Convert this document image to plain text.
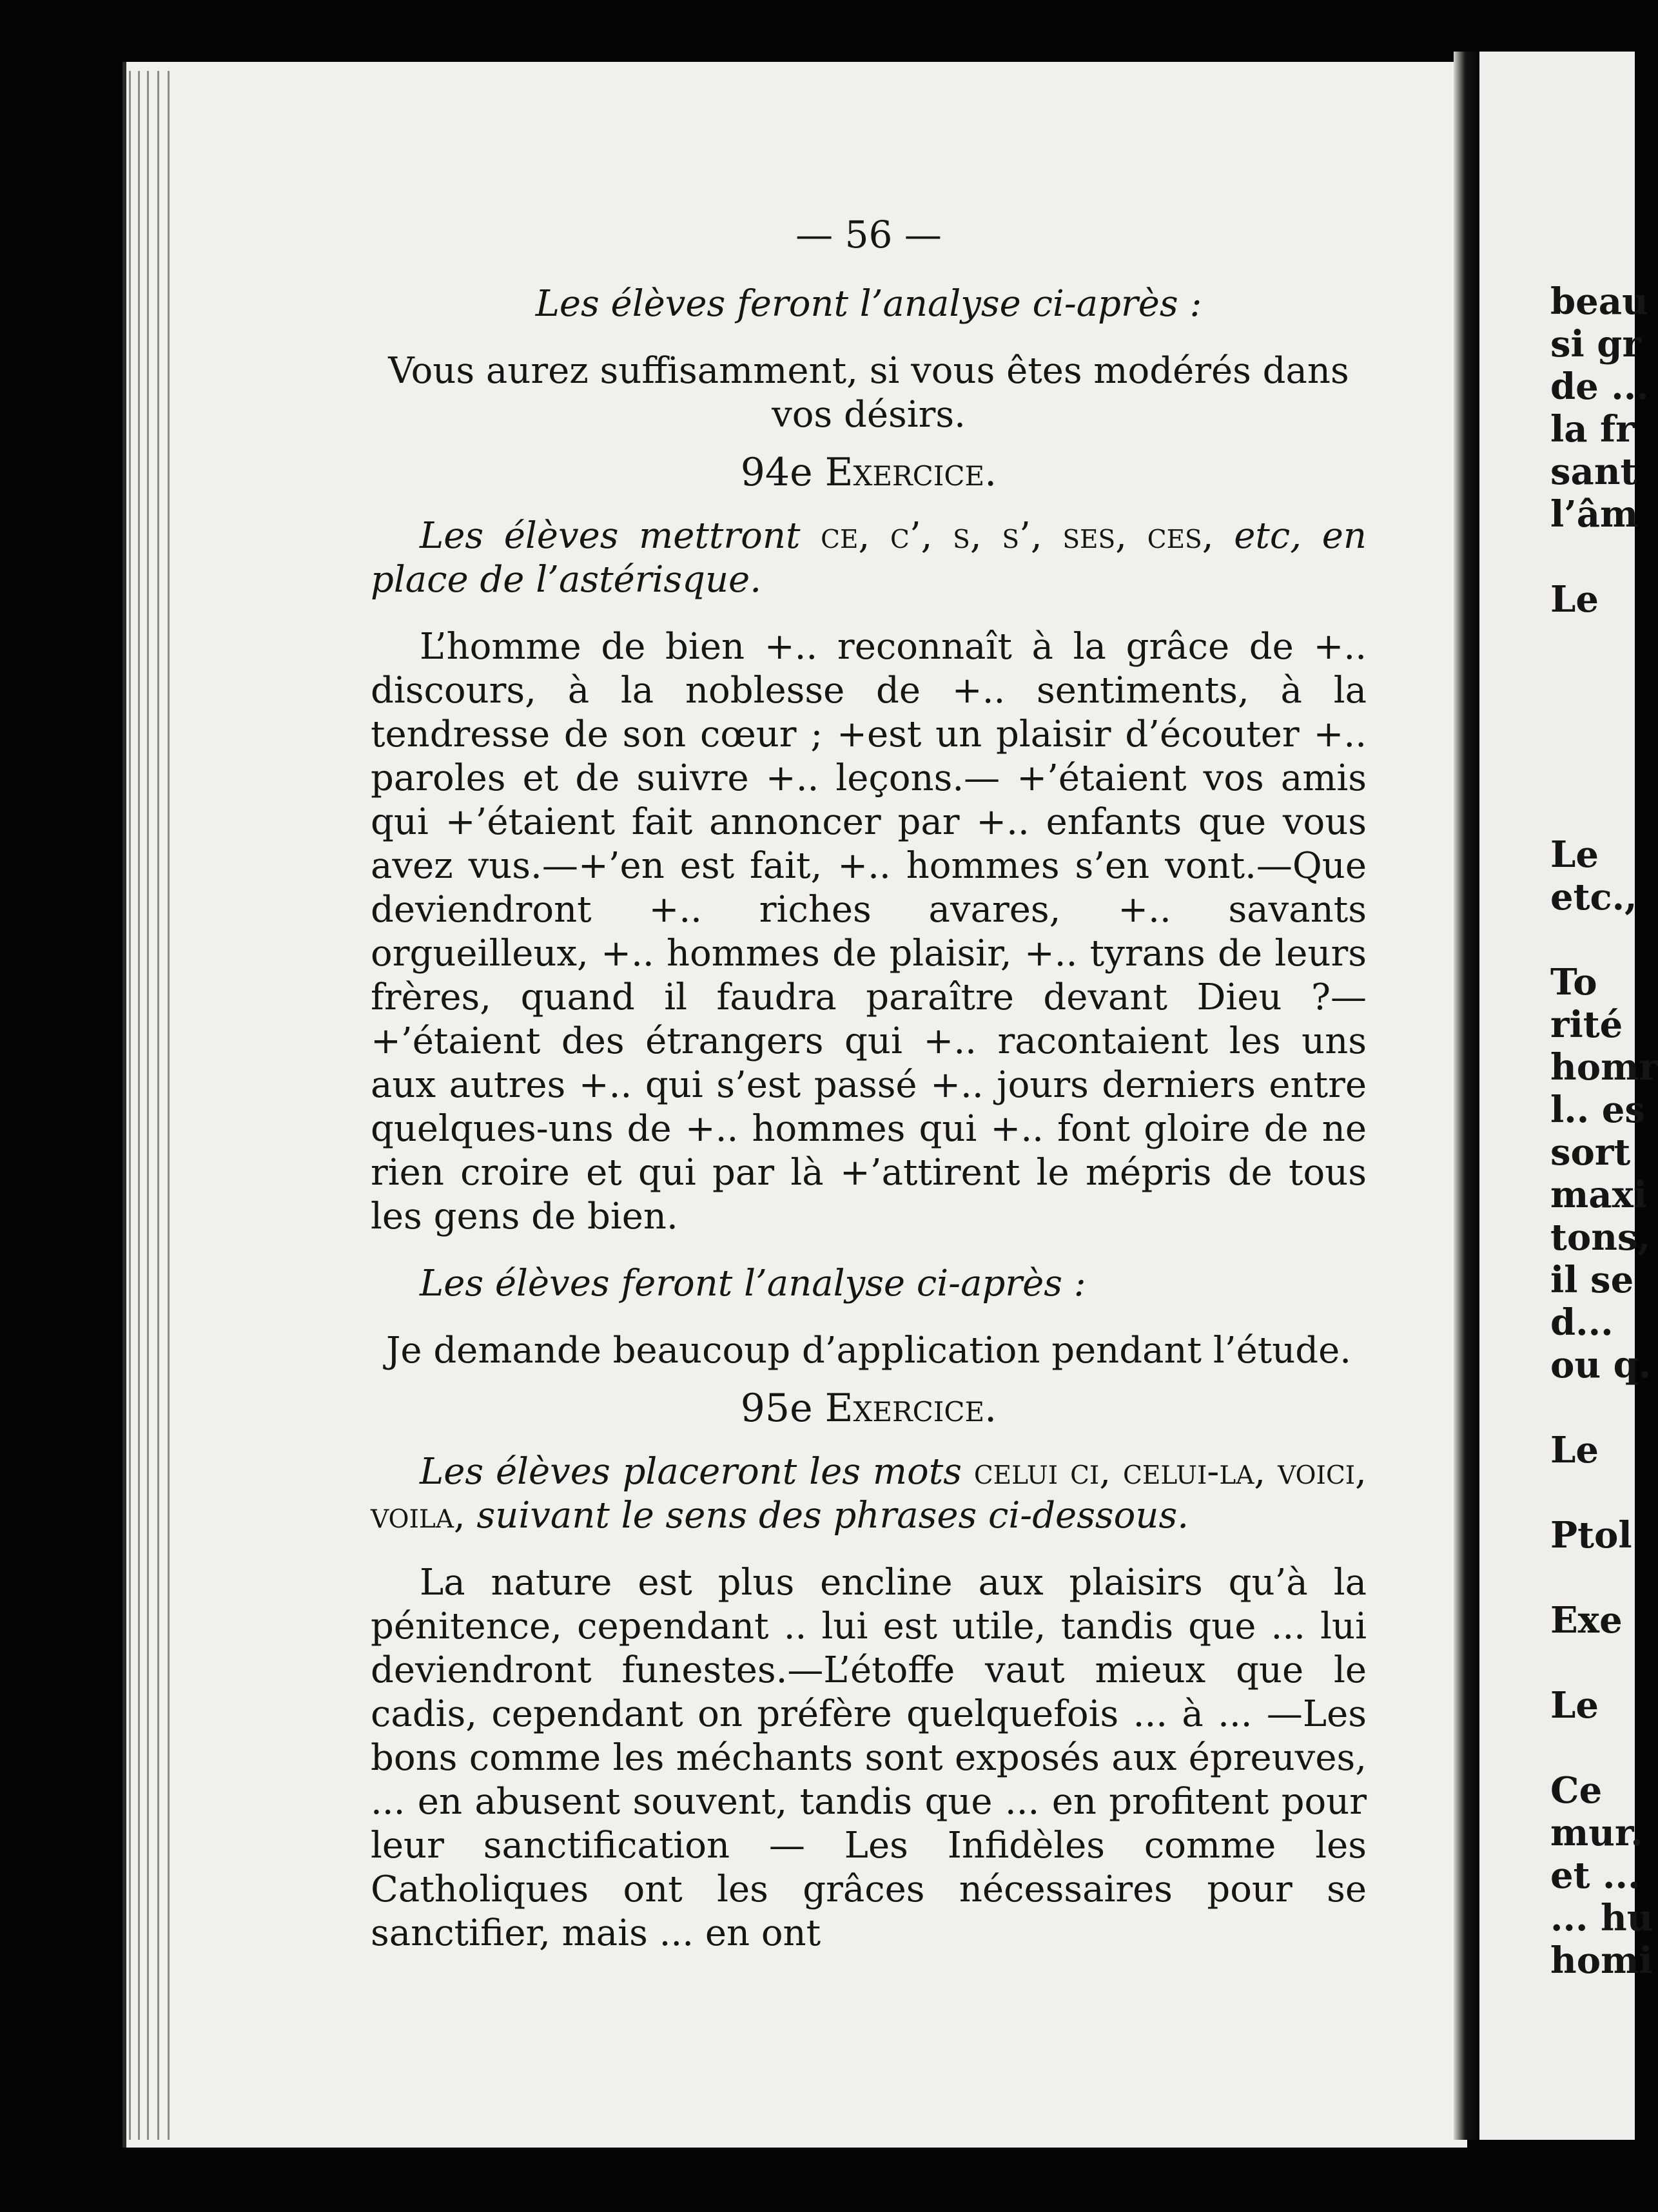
beau
si gr
de ...
la fr
sant
l’âm
Le
Le
etc.,
To
rité
homr
l.. es
sort
maxi
tons,
il se
d...
ou q.
Le
Ptol
Exe
Le
Ce
mur.
et ...
... hu
homi
— 56 —

Les élèves feront l’analyse ci-après :

Vous aurez suffisamment, si vous êtes modérés dans vos désirs.

94e Exercice.

Les élèves mettront ce, c’, s, s’, ses, ces, etc, en place de l’astérisque.

L’homme de bien +.. reconnaît à la grâce de +.. discours, à la noblesse de +.. sentiments, à la tendresse de son cœur ; +est un plaisir d’écouter +.. paroles et de suivre +.. leçons.— +’étaient vos amis qui +’étaient fait annoncer par +.. enfants que vous avez vus.—+’en est fait, +.. hommes s’en vont.—Que deviendront +.. riches avares, +.. savants orgueilleux, +.. hommes de plaisir, +.. tyrans de leurs frères, quand il faudra paraître devant Dieu ?— +’étaient des étrangers qui +.. racontaient les uns aux autres +.. qui s’est passé +.. jours derniers entre quelques-uns de +.. hommes qui +.. font gloire de ne rien croire et qui par là +’attirent le mépris de tous les gens de bien.

Les élèves feront l’analyse ci-après :

Je demande beaucoup d’application pendant l’étude.

95e Exercice.

Les élèves placeront les mots celui ci, celui-la, voici, voila, suivant le sens des phrases ci-dessous.

La nature est plus encline aux plaisirs qu’à la pénitence, cependant .. lui est utile, tandis que ... lui deviendront funestes.—L’étoffe vaut mieux que le cadis, cependant on préfère quelquefois ... à ... —Les bons comme les méchants sont exposés aux épreuves, ... en abusent souvent, tandis que ... en profitent pour leur sanctification — Les Infidèles comme les Catholiques ont les grâces nécessaires pour se sanctifier, mais ... en ont
